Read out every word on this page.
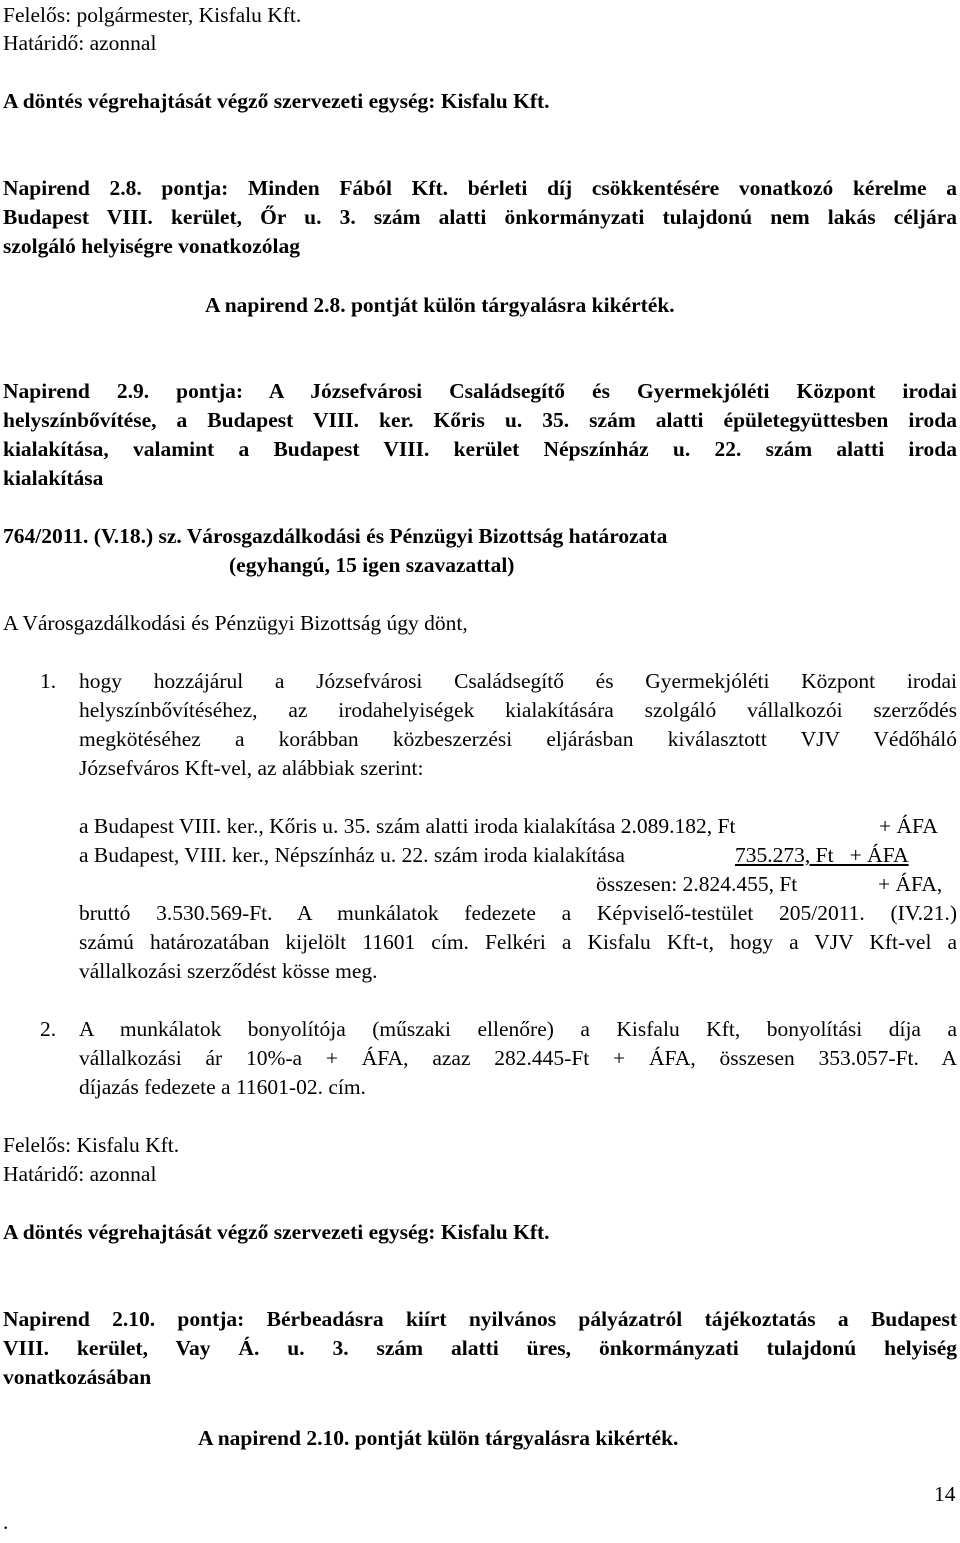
Felelős: polgármester, Kisfalu Kft.
Határidő: azonnal
A döntés végrehajtását végző szervezeti egység: Kisfalu Kft.
Napirend 2.8. pontja: Minden Fából Kft. bérleti díj csökkentésére vonatkozó kérelme a
Budapest VIII. kerület, Őr u. 3. szám alatti önkormányzati tulajdonú nem lakás céljára
szolgáló helyiségre vonatkozólag
A napirend 2.8. pontját külön tárgyalásra kikérték.
Napirend 2.9. pontja: A Józsefvárosi Családsegítő és Gyermekjóléti Központ irodai
helyszínbővítése, a Budapest VIII. ker. Kőris u. 35. szám alatti épületegyüttesben iroda
kialakítása, valamint a Budapest VIII. kerület Népszínház u. 22. szám alatti iroda
kialakítása
764/2011. (V.18.) sz. Városgazdálkodási és Pénzügyi Bizottság határozata
(egyhangú, 15 igen szavazattal)
A Városgazdálkodási és Pénzügyi Bizottság úgy dönt,
1. hogy hozzájárul a Józsefvárosi Családsegítő és Gyermekjóléti Központ irodai
helyszínbővítéséhez, az irodahelyiségek kialakítására szolgáló vállalkozói szerződés
megkötéséhez a korábban közbeszerzési eljárásban kiválasztott VJV Védőháló
Józsefváros Kft-vel, az alábbiak szerint:
a Budapest VIII. ker., Kőris u. 35. szám alatti iroda kialakítása 2.089.182, Ft	+ ÁFA
a Budapest, VIII. ker., Népszínház u. 22. szám iroda kialakítása	735.273, Ft   + ÁFA
összesen: 2.824.455, Ft	+ ÁFA,
bruttó 3.530.569-Ft. A munkálatok fedezete a Képviselő-testület 205/2011. (IV.21.)
számú határozatában kijelölt 11601 cím. Felkéri a Kisfalu Kft-t, hogy a VJV Kft-vel a
vállalkozási szerződést kösse meg.
2. A munkálatok bonyolítója (műszaki ellenőre) a Kisfalu Kft, bonyolítási díja a
vállalkozási ár 10%-a + ÁFA, azaz 282.445-Ft + ÁFA, összesen 353.057-Ft. A
díjazás fedezete a 11601-02. cím.
Felelős: Kisfalu Kft.
Határidő: azonnal
A döntés végrehajtását végző szervezeti egység: Kisfalu Kft.
Napirend 2.10. pontja: Bérbeadásra kiírt nyilvános pályázatról tájékoztatás a Budapest
VIII. kerület, Vay Á. u. 3. szám alatti üres, önkormányzati tulajdonú helyiség
vonatkozásában
A napirend 2.10. pontját külön tárgyalásra kikérték.
.
14
